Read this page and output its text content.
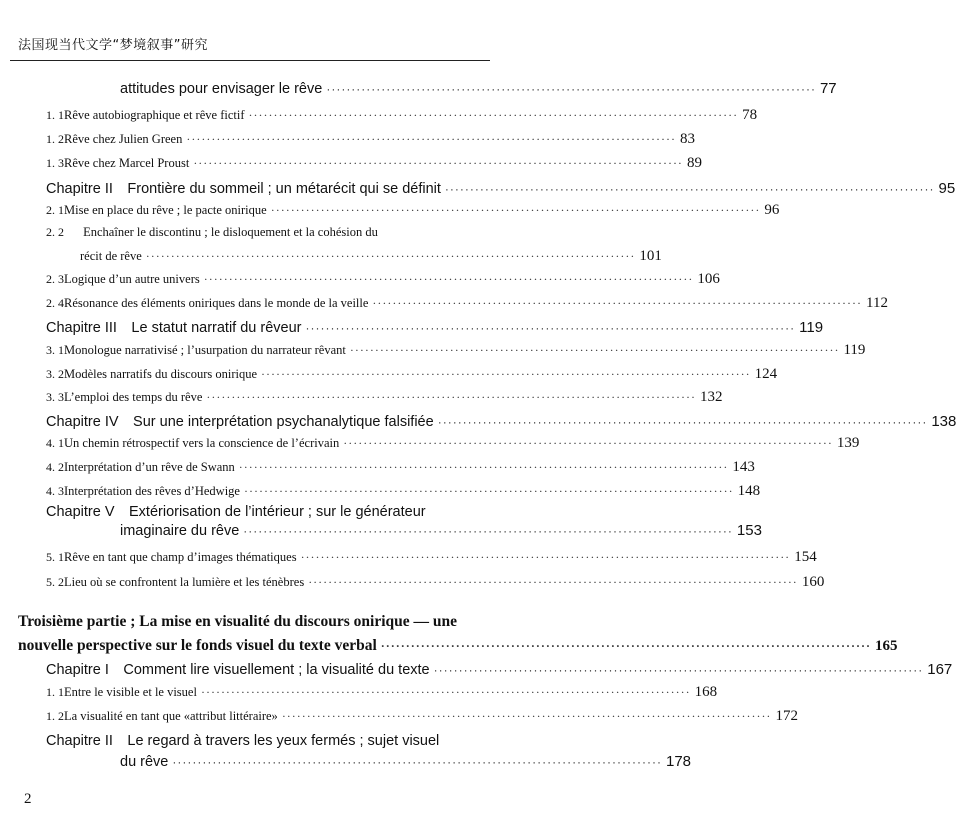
法国现当代文学“梦境叙事”研究
attitudes pour envisager le rêve ·································································································· 77
1. 1 Rêve autobiographique et rêve fictif ·································································································· 78
1. 2 Rêve chez Julien Green ·································································································· 83
1. 3 Rêve chez Marcel Proust ·································································································· 89
Chapitre II　Frontière du sommeil ; un métarécit qui se définit ·································································································· 95
2. 1 Mise en place du rêve ; le pacte onirique ·································································································· 96
2. 2 Enchaîner le discontinu ; le disloquement et la cohésion du
récit de rêve ·································································································· 101
2. 3 Logique d’un autre univers ·································································································· 106
2. 4 Résonance des éléments oniriques dans le monde de la veille ·································································································· 112
Chapitre III　Le statut narratif du rêveur ·································································································· 119
3. 1 Monologue narrativisé ; l’usurpation du narrateur rêvant ·································································································· 119
3. 2 Modèles narratifs du discours onirique ·································································································· 124
3. 3 L’emploi des temps du rêve ·································································································· 132
Chapitre IV　Sur une interprétation psychanalytique falsifiée ·································································································· 138
4. 1 Un chemin rétrospectif vers la conscience de l’écrivain ·································································································· 139
4. 2 Interprétation d’un rêve de Swann ·································································································· 143
4. 3 Interprétation des rêves d’Hedwige ·································································································· 148
Chapitre V　Extériorisation de l’intérieur ; sur le générateur
imaginaire du rêve ·································································································· 153
5. 1 Rêve en tant que champ d’images thématiques ·································································································· 154
5. 2 Lieu où se confrontent la lumière et les ténèbres ·································································································· 160
Troisième partie ; La mise en visualité du discours onirique — une
nouvelle perspective sur le fonds visuel du texte verbal ·································································································· 165
Chapitre I　Comment lire visuellement ; la visualité du texte ·································································································· 167
1. 1 Entre le visible et le visuel ·································································································· 168
1. 2 La visualité en tant que «attribut littéraire» ·································································································· 172
Chapitre II　Le regard à travers les yeux fermés ; sujet visuel
du rêve ·································································································· 178
2
